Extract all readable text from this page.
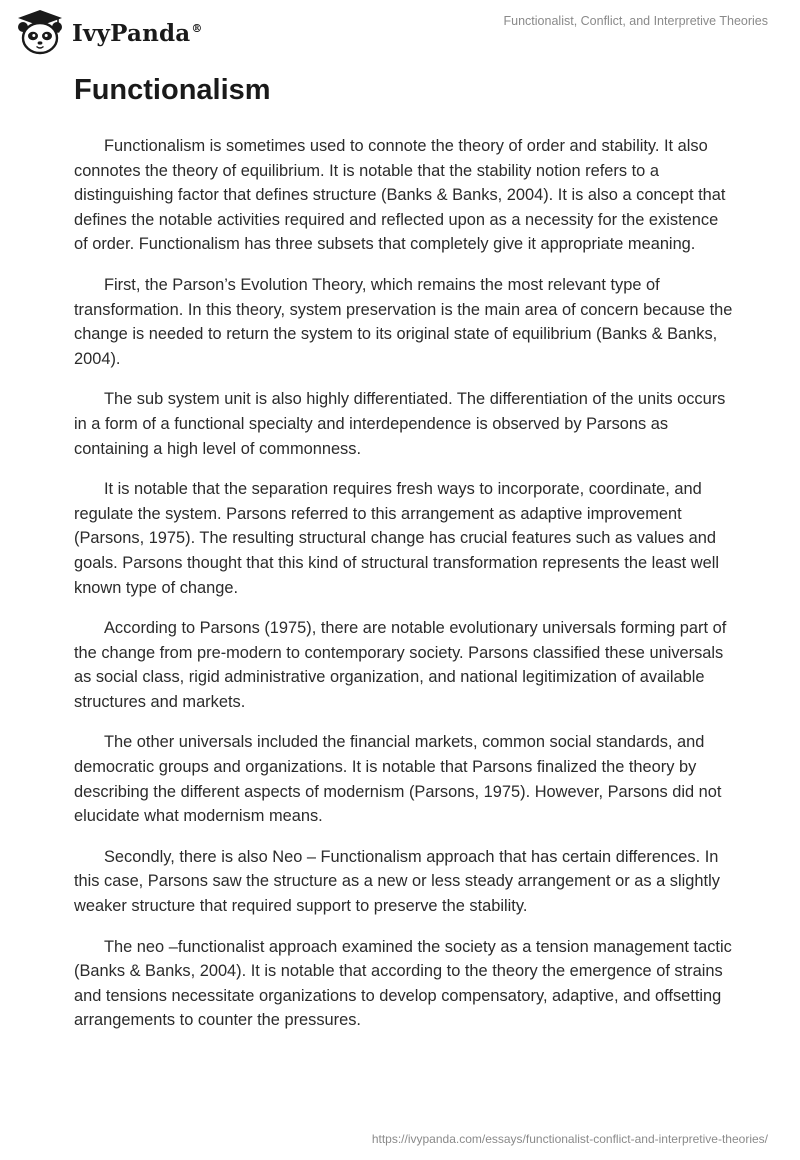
IvyPanda®
Functionalist, Conflict, and Interpretive Theories
Functionalism

Functionalism is sometimes used to connote the theory of order and stability. It also connotes the theory of equilibrium. It is notable that the stability notion refers to a distinguishing factor that defines structure (Banks & Banks, 2004). It is also a concept that defines the notable activities required and reflected upon as a necessity for the existence of order. Functionalism has three subsets that completely give it appropriate meaning.

First, the Parson’s Evolution Theory, which remains the most relevant type of transformation. In this theory, system preservation is the main area of concern because the change is needed to return the system to its original state of equilibrium (Banks & Banks, 2004).

The sub system unit is also highly differentiated. The differentiation of the units occurs in a form of a functional specialty and interdependence is observed by Parsons as containing a high level of commonness.

It is notable that the separation requires fresh ways to incorporate, coordinate, and regulate the system. Parsons referred to this arrangement as adaptive improvement (Parsons, 1975). The resulting structural change has crucial features such as values and goals. Parsons thought that this kind of structural transformation represents the least well known type of change.

According to Parsons (1975), there are notable evolutionary universals forming part of the change from pre-modern to contemporary society. Parsons classified these universals as social class, rigid administrative organization, and national legitimization of available structures and markets.

The other universals included the financial markets, common social standards, and democratic groups and organizations. It is notable that Parsons finalized the theory by describing the different aspects of modernism (Parsons, 1975). However, Parsons did not elucidate what modernism means.

Secondly, there is also Neo – Functionalism approach that has certain differences. In this case, Parsons saw the structure as a new or less steady arrangement or as a slightly weaker structure that required support to preserve the stability.

The neo –functionalist approach examined the society as a tension management tactic (Banks & Banks, 2004). It is notable that according to the theory the emergence of strains and tensions necessitate organizations to develop compensatory, adaptive, and offsetting arrangements to counter the pressures.

https://ivypanda.com/essays/functionalist-conflict-and-interpretive-theories/
